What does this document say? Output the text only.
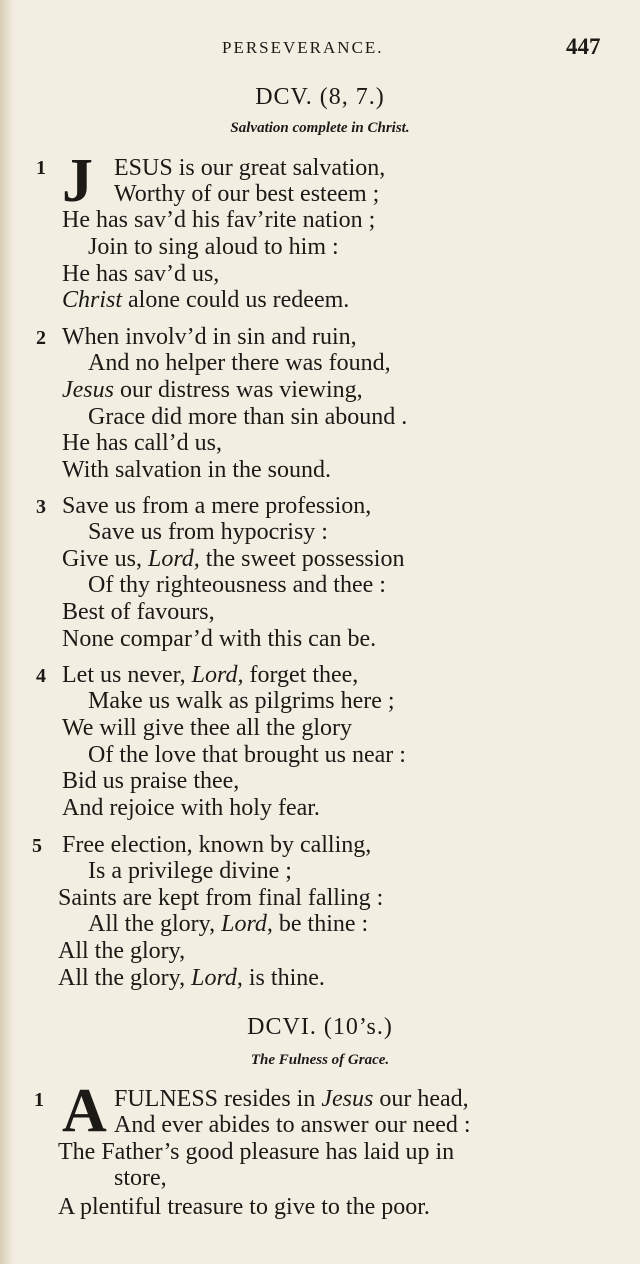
PERSEVERANCE.	447
DCV. (8, 7.)
Salvation complete in Christ.
1 J ESUS is our great salvation,
Worthy of our best esteem ;
He has sav’d his fav’rite nation ;
Join to sing aloud to him :
He has sav’d us,
Christ alone could us redeem.
2 When involv’d in sin and ruin,
And no helper there was found,
Jesus our distress was viewing,
Grace did more than sin abound .
He has call’d us,
With salvation in the sound.
3 Save us from a mere profession,
Save us from hypocrisy :
Give us, Lord, the sweet possession
Of thy righteousness and thee :
Best of favours,
None compar’d with this can be.
4 Let us never, Lord, forget thee,
Make us walk as pilgrims here ;
We will give thee all the glory
Of the love that brought us near :
Bid us praise thee,
And rejoice with holy fear.
5 Free election, known by calling,
Is a privilege divine ;
Saints are kept from final falling :
All the glory, Lord, be thine :
All the glory,
All the glory, Lord, is thine.
DCVI. (10’s.)
The Fulness of Grace.
1 A FULNESS resides in Jesus our head,
And ever abides to answer our need :
The Father’s good pleasure has laid up in
store,
A plentiful treasure to give to the poor.
